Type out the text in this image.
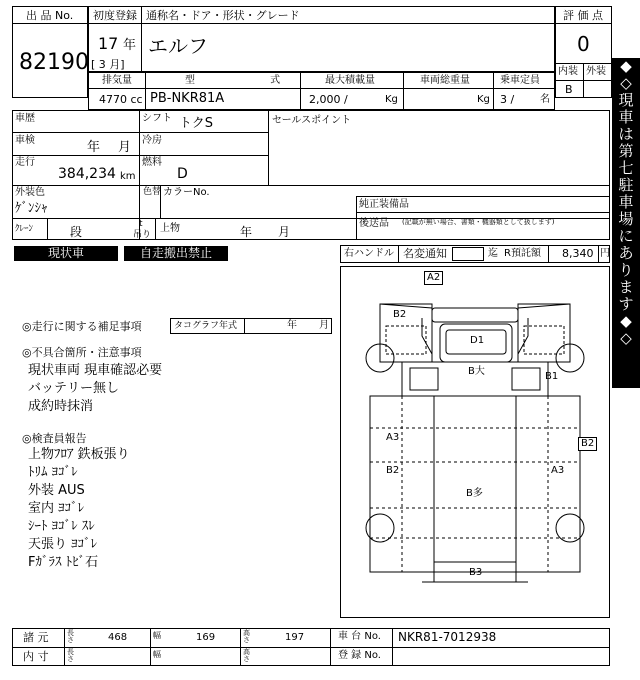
出 品 No.
82190
初度登録
17 年
[ 3 月]
通称名・ドア・形状・グレード
エルフ
評 価 点
0
内装 外装
B
排気量	型 式 最大積載量	車両総重量	乗車定員
4770 cc PB-NKR81A	2,000 /	Kg	Kg 3 /	名
車歴	シフト トクS	セールスポイント
車検	年 月 冷房
走行
384,234 km
燃料
D
外装色
ｹﾞﾝｼｬ
色替 カラーNo.
純正装備品
後送品 (記載が無い場合、書類・機器類として扱します)
ｸﾚｰﾝ	段
t
吊り
上物	年 月
現状車	自走搬出禁止	右ハンドル 名変通知	迄 R預託額 8,340 円
◎走行に関する補足事項	タコグラフ年式	年 月
◎不具合箇所・注意事項
現状車両 現車確認必要
バッテリー無し
成約時抹消
◎検査員報告
上物ﾌﾛｱ 鉄板張り
ﾄﾘﾑ ﾖｺﾞﾚ
外装 AUS
室内 ﾖｺﾞﾚ
ｼｰﾄ ﾖｺﾞﾚ ｽﾚ
天張り ﾖｺﾞﾚ
Fｶﾞﾗｽ ﾄﾋﾞ石
A2
B2
D1
B大	B1
A3
B2
B2	A3
B多
B3
◆
◇
現
車
は
第
七
駐
車
場
に
あ
り
ま
す
◆
◇
諸 元
内 寸
長さ	468
長さ
幅	169
幅
高さ	197
高さ
車 台 No. NKR81-7012938
登 録 No.
